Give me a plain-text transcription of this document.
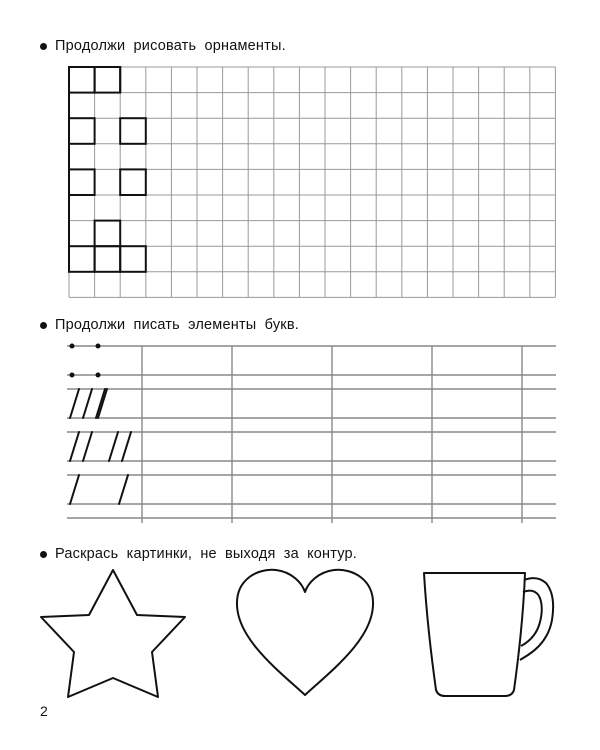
Продолжи рисовать орнаменты.
Продолжи писать элементы букв.
Раскрась картинки, не выходя за контур.
2
